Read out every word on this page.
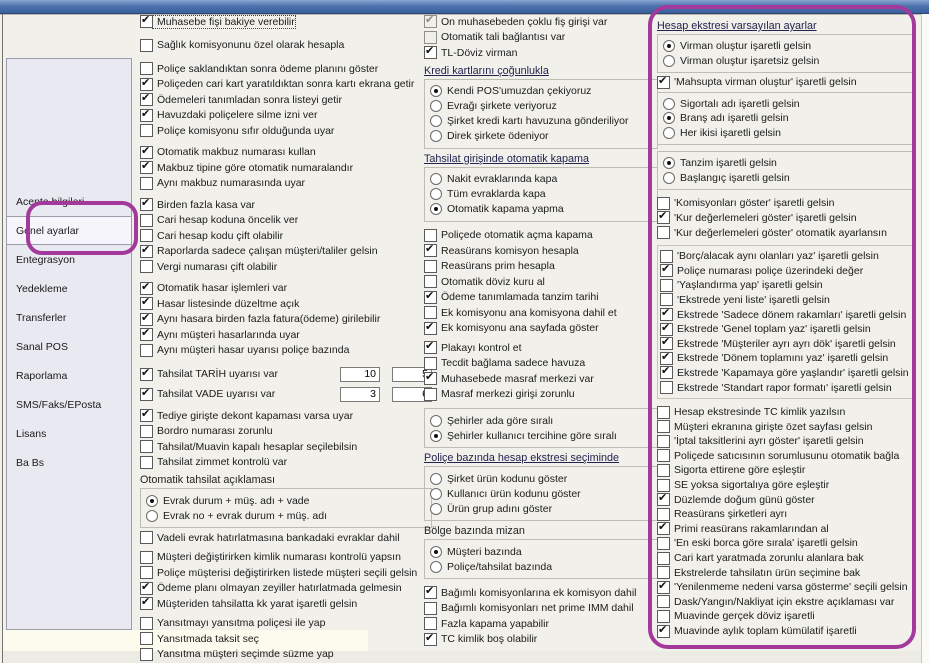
Acente bilgileri
Genel ayarlar
Entegrasyon
Yedekleme
Transferler
Sanal POS
Raporlama
SMS/Faks/EPosta
Lisans
Ba Bs
✔ Muhasebe fişi bakiye verebilir
Sağlık komisyonunu özel olarak hesapla
Poliçe saklandıktan sonra ödeme planını göster
✔ Poliçeden cari kart yaratıldıktan sonra kartı ekrana getir
✔ Ödemeleri tanımladan sonra listeyi getir
✔ Havuzdaki poliçelere silme izni ver
Poliçe komisyonu sıfır olduğunda uyar
✔ Otomatik makbuz numarası kullan
✔ Makbuz tipine göre otomatik numaralandır
Aynı makbuz numarasında uyar
✔ Birden fazla kasa var
Cari hesap koduna öncelik ver
Cari hesap kodu çift olabilir
✔ Raporlarda sadece çalışan müşteri/taliler gelsin
Vergi numarası çift olabilir
✔ Otomatik hasar işlemleri var
✔ Hasar listesinde düzeltme açık
✔ Aynı hasara birden fazla fatura(ödeme) girilebilir
✔ Aynı müşteri hasarlarında uyar
Aynı müşteri hasar uyarısı poliçe bazında
✔ Tahsilat TARİH uyarısı var
10
5
✔ Tahsilat VADE uyarısı var
3
6
✔ Tediye girişte dekont kapaması varsa uyar
Bordro numarası zorunlu
Tahsilat/Muavin kapalı hesaplar seçilebilsin
Tahsilat zimmet kontrolü var
Otomatik tahsilat açıklaması
Evrak durum + müş. adı + vade
Evrak no + evrak durum + müş. adı
Vadeli evrak hatırlatmasına bankadaki evraklar dahil
Müşteri değiştirirken kimlik numarası kontrolü yapsın
Poliçe müşterisi değiştirirken listede müşteri seçili gelsin
✔ Ödeme planı olmayan zeyiller hatırlatmada gelmesin
✔ Müşteriden tahsilatta kk yarat işaretli gelsin
Yansıtmayı yansıtma poliçesi ile yap
Yansıtmada taksit seç
Yansıtma müşteri seçimde süzme yap
✔ On muhasebeden çoklu fiş girişi var
Otomatik tali bağlantısı var
✔ TL-Döviz virman
Kredi kartlarını çoğunlukla
Kendi POS'umuzdan çekiyoruz
Evrağı şirkete veriyoruz
Şirket kredi kartı havuzuna gönderiliyor
Direk şirkete ödeniyor
Tahsilat girişinde otomatik kapama
Nakit evraklarında kapa
Tüm evraklarda kapa
Otomatik kapama yapma
Poliçede otomatik açma kapama
✔ Reasürans komisyon hesapla
Reasürans prim hesapla
Otomatik döviz kuru al
✔ Ödeme tanımlamada tanzim tarihi
Ek komisyonu ana komisyona dahil et
✔ Ek komisyonu ana sayfada göster
✔ Plakayı kontrol et
Tecdit bağlama sadece havuza
✔ Muhasebede masraf merkezi var
Masraf merkezi girişi zorunlu
Şehirler ada göre sıralı
Şehirler kullanıcı tercihine göre sıralı
Poliçe bazında hesap ekstresi seçiminde
Şirket ürün kodunu göster
Kullanıcı ürün kodunu göster
Ürün grup adını göster
Bölge bazında mizan
Müşteri bazında
Poliçe/tahsilat bazında
✔ Bağımlı komisyonlarına ek komisyon dahil
Bağımlı komisyonları net prime IMM dahil
Fazla kapama yapabilir
✔ TC kimlik boş olabilir
Hesap ekstresi varsayılan ayarlar
Virman oluştur işaretli gelsin
Virman oluştur işaretsiz gelsin
✔ 'Mahsupta virman oluştur' işaretli gelsin
Sigortalı adı işaretli gelsin
Branş adı işaretli gelsin
Her ikisi işaretli gelsin
Tanzim işaretli gelsin
Başlangıç işaretli gelsin
'Komisyonları göster' işaretli gelsin
✔ 'Kur değerlemeleri göster' işaretli gelsin
'Kur değerlemeleri göster' otomatik ayarlansın
'Borç/alacak aynı olanları yaz' işaretli gelsin
✔ Poliçe numarası poliçe üzerindeki değer
'Yaşlandırma yap' işaretli gelsin
'Ekstrede yeni liste' işaretli gelsin
✔ Ekstrede 'Sadece dönem rakamları' işaretli gelsin
✔ Ekstrede 'Genel toplam yaz' işaretli gelsin
✔ Ekstrede 'Müşteriler ayrı ayrı dök' işaretli gelsin
✔ Ekstrede 'Dönem toplamını yaz' işaretli gelsin
✔ Ekstrede 'Kapamaya göre yaşlandır' işaretli gelsin
Ekstrede 'Standart rapor formatı' işaretli gelsin
Hesap ekstresinde TC kimlik yazılsın
Müşteri ekranına girişte özet sayfası gelsin
'İptal taksitlerini ayrı göster' işaretli gelsin
Poliçede satıcısının sorumlusunu otomatik bağla
Sigorta ettirene göre eşleştir
SE yoksa sigortalıya göre eşleştir
✔ Düzlemde doğum günü göster
Reasürans şirketleri ayrı
✔ Primi reasürans rakamlarından al
'En eski borca göre sırala' işaretli gelsin
Cari kart yaratmada zorunlu alanlara bak
Ekstrelerde tahsilatın ürün seçimine bak
✔ 'Yenilenmeme nedeni varsa gösterme' seçili gelsin
Dask/Yangın/Nakliyat için ekstre açıklaması var
Muavinde gerçek döviz işaretli
✔ Muavinde aylık toplam kümülatif işaretli
